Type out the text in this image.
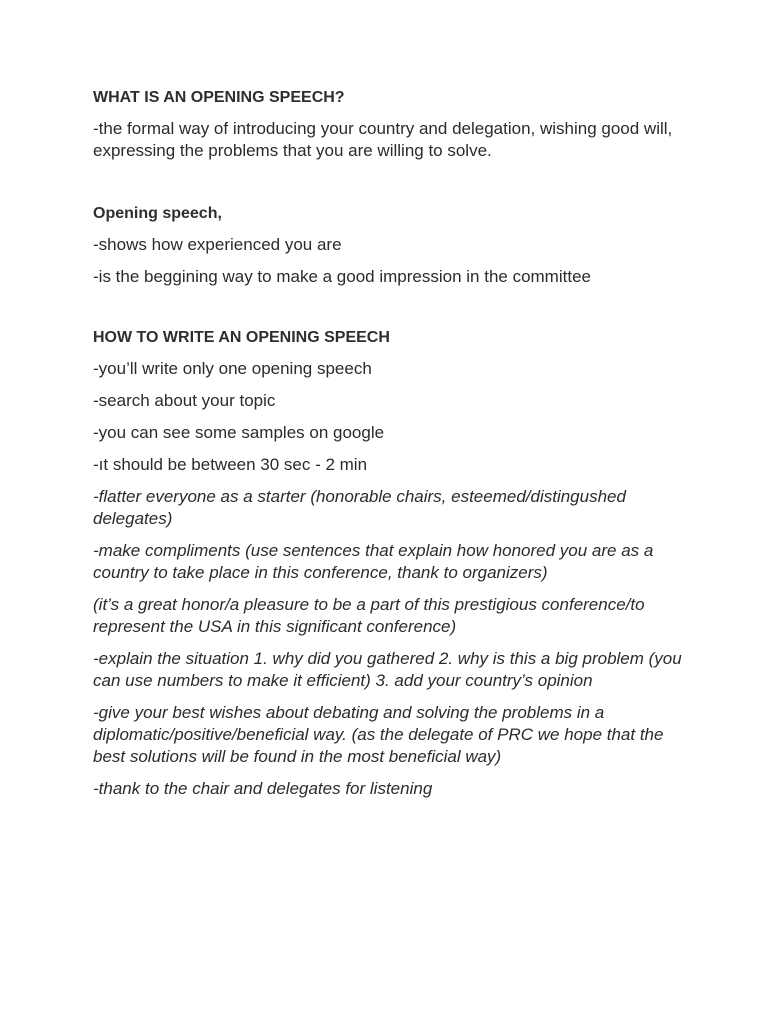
WHAT IS AN OPENING SPEECH?
-the formal way of introducing your country and delegation, wishing good will, expressing the problems that you are willing to solve.
Opening speech,
-shows how experienced you are
-is the beggining way to make a good impression in the committee
HOW TO WRITE AN OPENING SPEECH
-you’ll write only one opening speech
-search about your topic
-you can see some samples on google
-ıt should be between 30 sec - 2 min
-flatter everyone as a starter (honorable chairs, esteemed/distingushed delegates)
-make compliments (use sentences that explain how honored you are as a country to take place in this conference, thank to organizers)
(it’s a great honor/a pleasure to be a part of this prestigious conference/to represent the USA in this significant conference)
-explain the situation 1. why did you gathered 2. why is this a big problem (you can use numbers to make it efficient) 3. add your country’s opinion
-give your best wishes about debating and solving the problems in a diplomatic/positive/beneficial way. (as the delegate of PRC we hope that the best solutions will be found in the most beneficial way)
-thank to the chair and delegates for listening
